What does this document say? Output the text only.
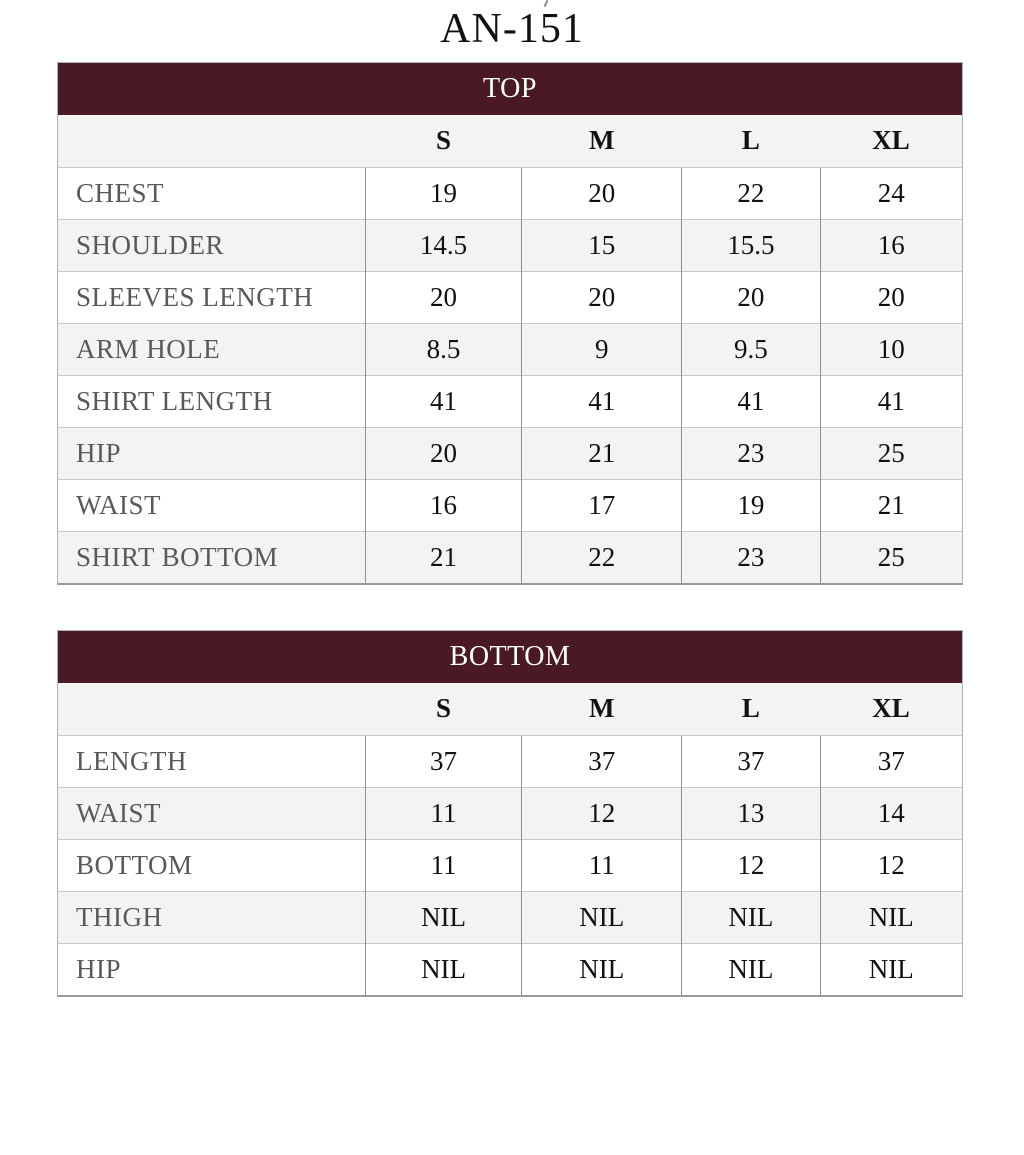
AN-151
TOP
	S	M	L	XL
CHEST	19	20	22	24
SHOULDER	14.5	15	15.5	16
SLEEVES LENGTH	20	20	20	20
ARM HOLE	8.5	9	9.5	10
SHIRT LENGTH	41	41	41	41
HIP	20	21	23	25
WAIST	16	17	19	21
SHIRT BOTTOM	21	22	23	25
BOTTOM
	S	M	L	XL
LENGTH	37	37	37	37
WAIST	11	12	13	14
BOTTOM	11	11	12	12
THIGH	NIL	NIL	NIL	NIL
HIP	NIL	NIL	NIL	NIL
